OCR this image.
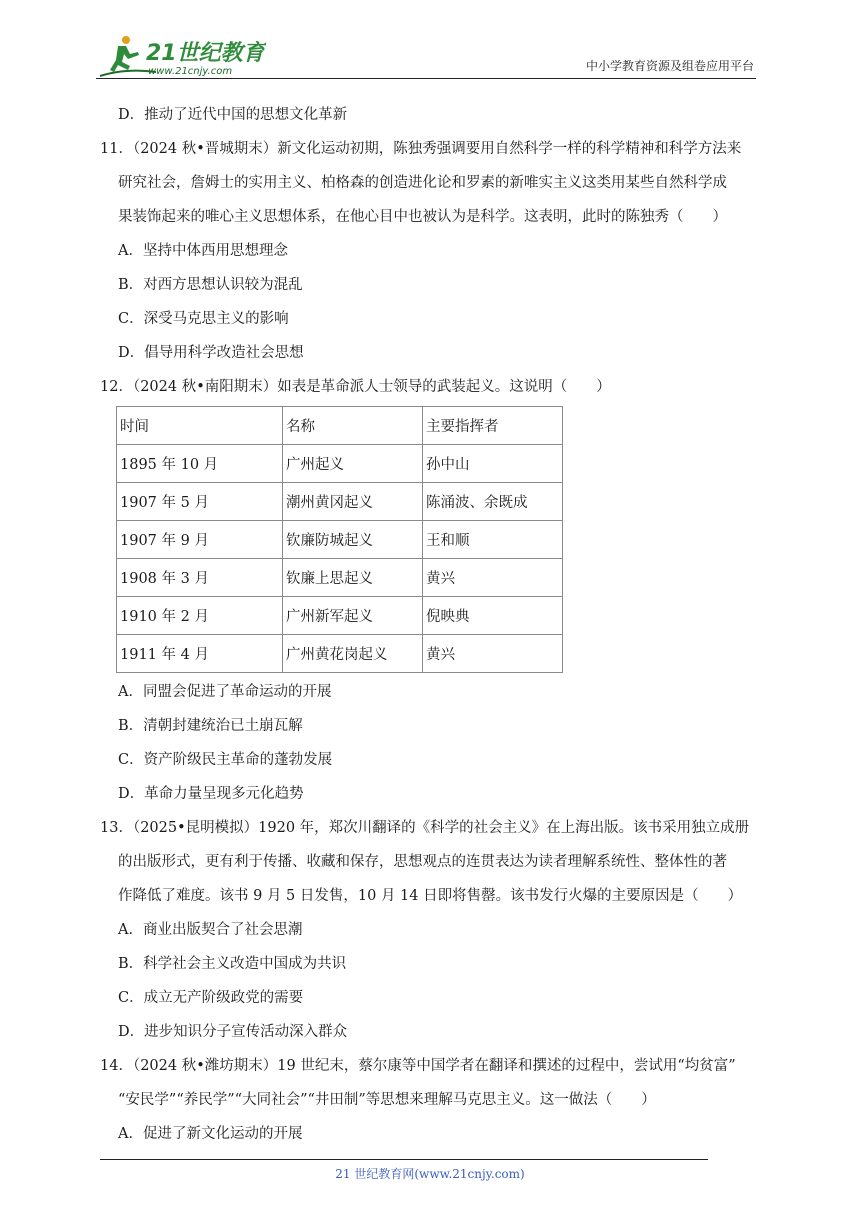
21世纪教育
www.21cnjy.com	中小学教育资源及组卷应用平台
D．推动了近代中国的思想文化革新
11．（2024 秋•晋城期末）新文化运动初期，陈独秀强调要用自然科学一样的科学精神和科学方法来
研究社会，詹姆士的实用主义、柏格森的创造进化论和罗素的新唯实主义这类用某些自然科学成
果装饰起来的唯心主义思想体系，在他心目中也被认为是科学。这表明，此时的陈独秀（　　）
A．坚持中体西用思想理念
B．对西方思想认识较为混乱
C．深受马克思主义的影响
D．倡导用科学改造社会思想
12．（2024 秋•南阳期末）如表是革命派人士领导的武装起义。这说明（　　）
时间	名称	主要指挥者
1895 年 10 月	广州起义	孙中山
1907 年 5 月	潮州黄冈起义	陈涌波、余既成
1907 年 9 月	钦廉防城起义	王和顺
1908 年 3 月	钦廉上思起义	黄兴
1910 年 2 月	广州新军起义	倪映典
1911 年 4 月	广州黄花岗起义	黄兴
A．同盟会促进了革命运动的开展
B．清朝封建统治已土崩瓦解
C．资产阶级民主革命的蓬勃发展
D．革命力量呈现多元化趋势
13．（2025•昆明模拟）1920 年，郑次川翻译的《科学的社会主义》在上海出版。该书采用独立成册
的出版形式，更有利于传播、收藏和保存，思想观点的连贯表达为读者理解系统性、整体性的著
作降低了难度。该书 9 月 5 日发售，10 月 14 日即将售罄。该书发行火爆的主要原因是（　　）
A．商业出版契合了社会思潮
B．科学社会主义改造中国成为共识
C．成立无产阶级政党的需要
D．进步知识分子宣传活动深入群众
14．（2024 秋•潍坊期末）19 世纪末，蔡尔康等中国学者在翻译和撰述的过程中，尝试用“均贫富”
“安民学”“养民学”“大同社会”“井田制”等思想来理解马克思主义。这一做法（　　）
A．促进了新文化运动的开展
21 世纪教育网(www.21cnjy.com)
